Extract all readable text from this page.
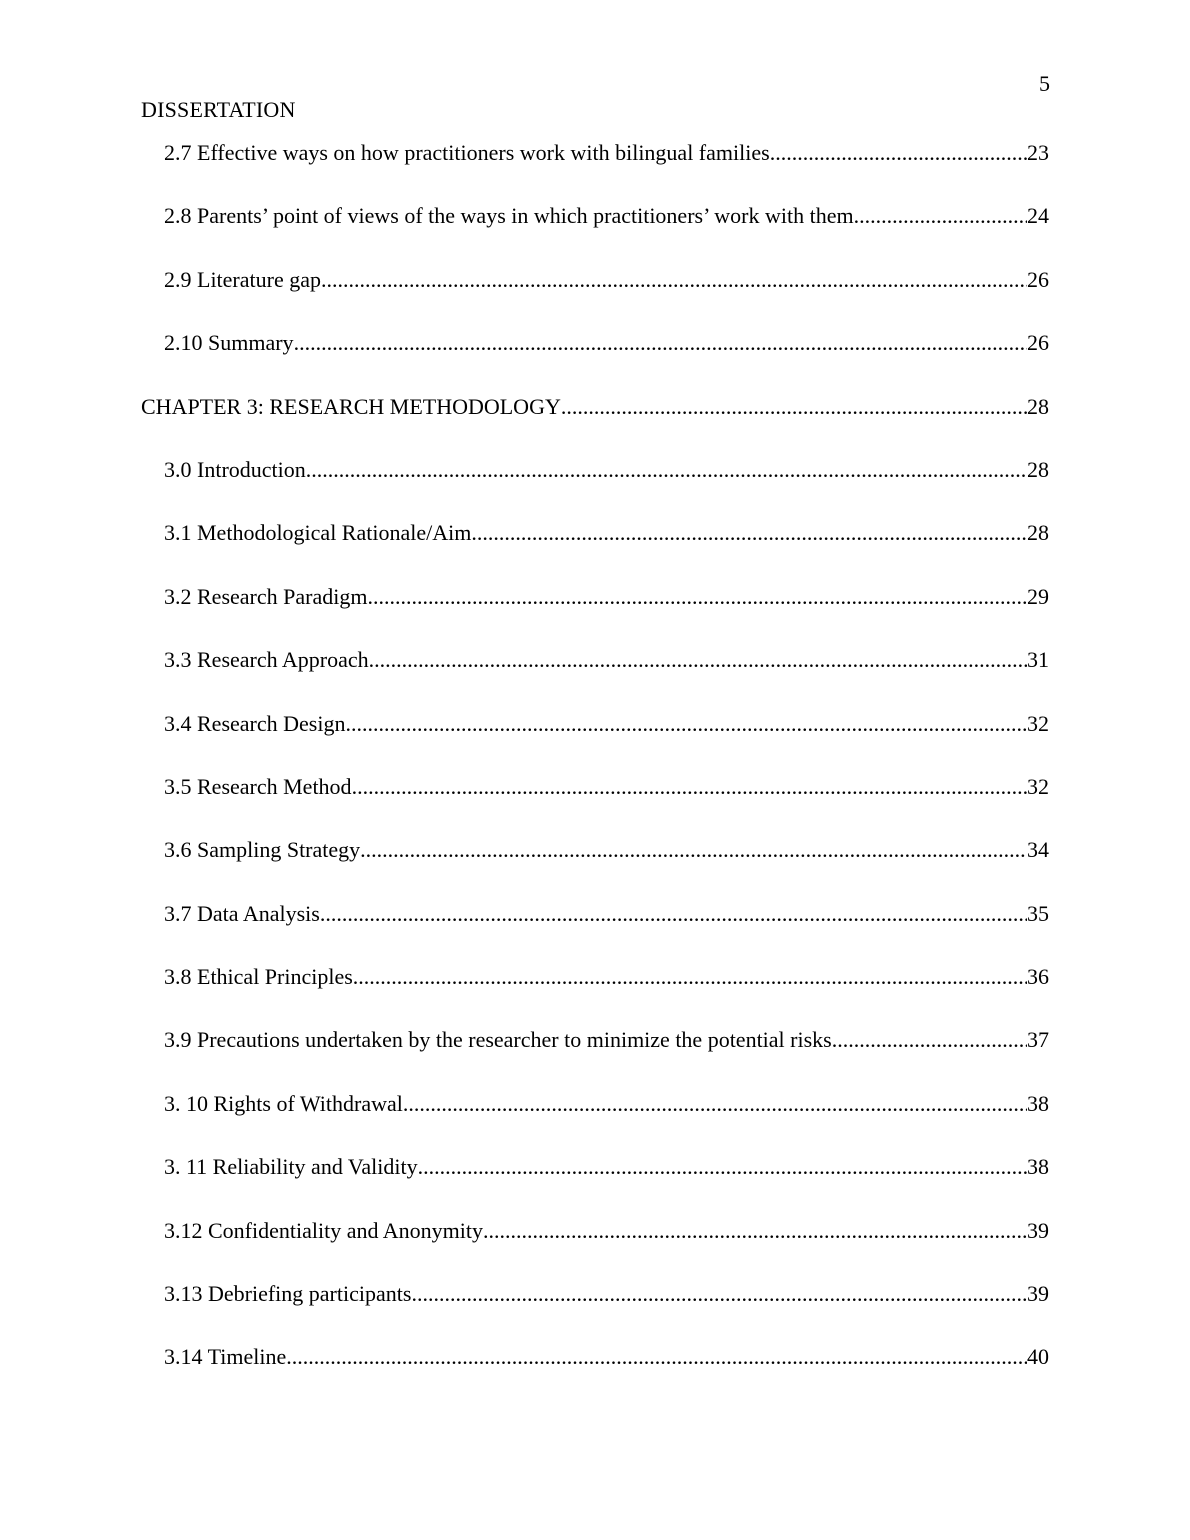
5
DISSERTATION
2.7 Effective ways on how practitioners work with bilingual families .....	23
2.8 Parents’ point of views of the ways in which practitioners’ work with them .....	24
2.9 Literature gap .....	26
2.10 Summary .....	26
CHAPTER 3: RESEARCH METHODOLOGY .....	28
3.0 Introduction .....	28
3.1 Methodological Rationale/Aim .....	28
3.2 Research Paradigm .....	29
3.3 Research Approach .....	31
3.4 Research Design .....	32
3.5 Research Method .....	32
3.6 Sampling Strategy .....	34
3.7 Data Analysis .....	35
3.8 Ethical Principles .....	36
3.9 Precautions undertaken by the researcher to minimize the potential risks .....	37
3. 10 Rights of Withdrawal .....	38
3. 11 Reliability and Validity .....	38
3.12 Confidentiality and Anonymity .....	39
3.13 Debriefing participants .....	39
3.14 Timeline .....	40
